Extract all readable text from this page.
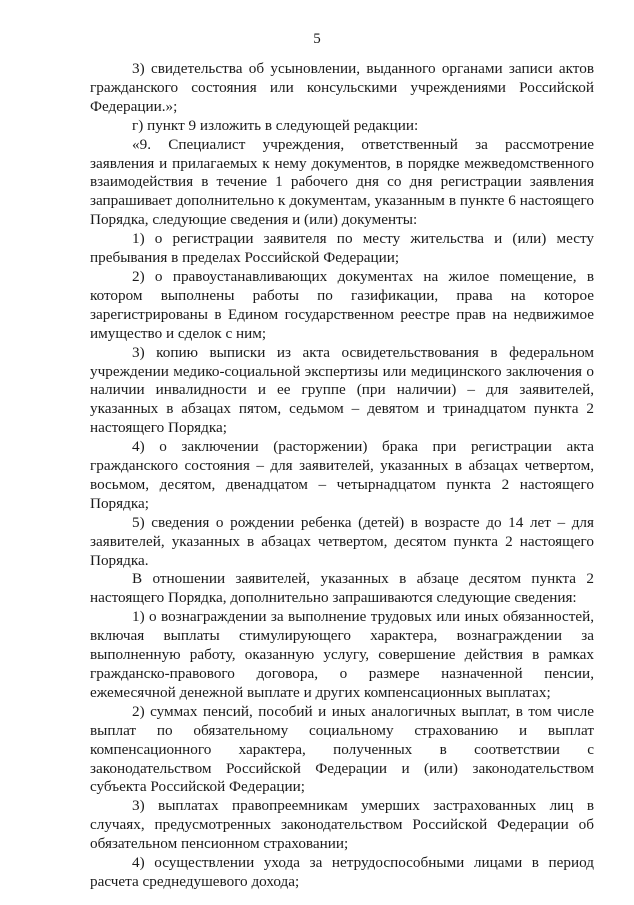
5

3) свидетельства об усыновлении, выданного органами записи актов гражданского состояния или консульскими учреждениями Российской Федерации.»;

г) пункт 9 изложить в следующей редакции:

«9. Специалист учреждения, ответственный за рассмотрение заявления и прилагаемых к нему документов, в порядке межведомственного взаимодействия в течение 1 рабочего дня со дня регистрации заявления запрашивает дополнительно к документам, указанным в пункте 6 настоящего Порядка, следующие сведения и (или) документы:

1) о регистрации заявителя по месту жительства и (или) месту пребывания в пределах Российской Федерации;

2) о правоустанавливающих документах на жилое помещение, в котором выполнены работы по газификации, права на которое зарегистрированы в Едином государственном реестре прав на недвижимое имущество и сделок с ним;

3) копию выписки из акта освидетельствования в федеральном учреждении медико-социальной экспертизы или медицинского заключения о наличии инвалидности и ее группе (при наличии) – для заявителей, указанных в абзацах пятом, седьмом – девятом и тринадцатом пункта 2 настоящего Порядка;

4) о заключении (расторжении) брака при регистрации акта гражданского состояния – для заявителей, указанных в абзацах четвертом, восьмом, десятом, двенадцатом – четырнадцатом пункта 2 настоящего Порядка;

5) сведения о рождении ребенка (детей) в возрасте до 14 лет – для заявителей, указанных в абзацах четвертом, десятом пункта 2 настоящего Порядка.

В отношении заявителей, указанных в абзаце десятом пункта 2 настоящего Порядка, дополнительно запрашиваются следующие сведения:

1) о вознаграждении за выполнение трудовых или иных обязанностей, включая выплаты стимулирующего характера, вознаграждении за выполненную работу, оказанную услугу, совершение действия в рамках гражданско-правового договора, о размере назначенной пенсии, ежемесячной денежной выплате и других компенсационных выплатах;

2) суммах пенсий, пособий и иных аналогичных выплат, в том числе выплат по обязательному социальному страхованию и выплат компенсационного характера, полученных в соответствии с законодательством Российской Федерации и (или) законодательством субъекта Российской Федерации;

3) выплатах правопреемникам умерших застрахованных лиц в случаях, предусмотренных законодательством Российской Федерации об обязательном пенсионном страховании;

4) осуществлении ухода за нетрудоспособными лицами в период расчета среднедушевого дохода;
